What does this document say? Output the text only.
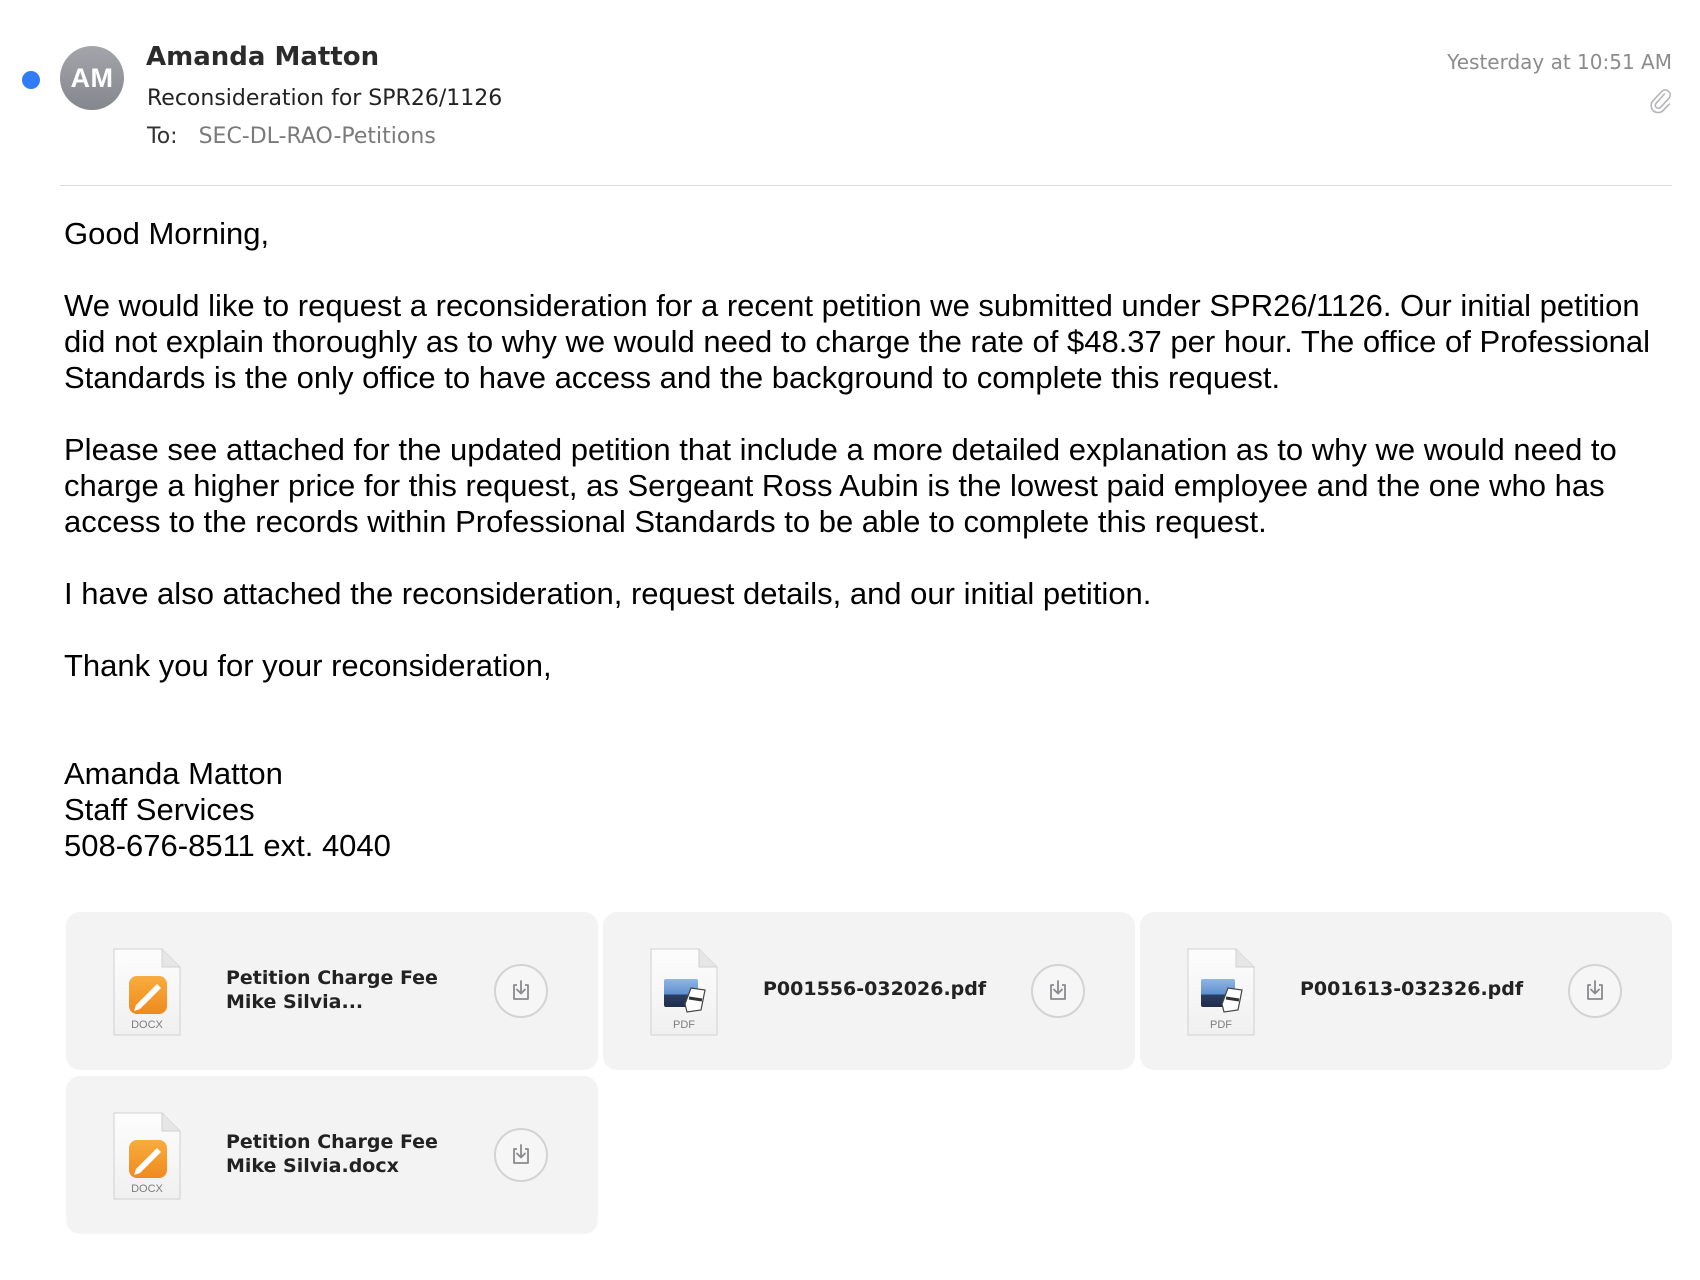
AM
Amanda Matton
Reconsideration for SPR26/1126
To: SEC-DL-RAO-Petitions
Yesterday at 10:51 AM

Good Morning,

We would like to request a reconsideration for a recent petition we submitted under SPR26/1126. Our initial petition did not explain thoroughly as to why we would need to charge the rate of $48.37 per hour. The office of Professional Standards is the only office to have access and the background to complete this request.

Please see attached for the updated petition that include a more detailed explanation as to why we would need to charge a higher price for this request, as Sergeant Ross Aubin is the lowest paid employee and the one who has access to the records within Professional Standards to be able to complete this request.

I have also attached the reconsideration, request details, and our initial petition.

Thank you for your reconsideration,

Amanda Matton

Staff Services

508-676-8511 ext. 4040

DOCX
Petition Charge Fee
Mike Silvia...
PDF
P001556-032026.pdf
PDF
P001613-032326.pdf
DOCX
Petition Charge Fee
Mike Silvia.docx
